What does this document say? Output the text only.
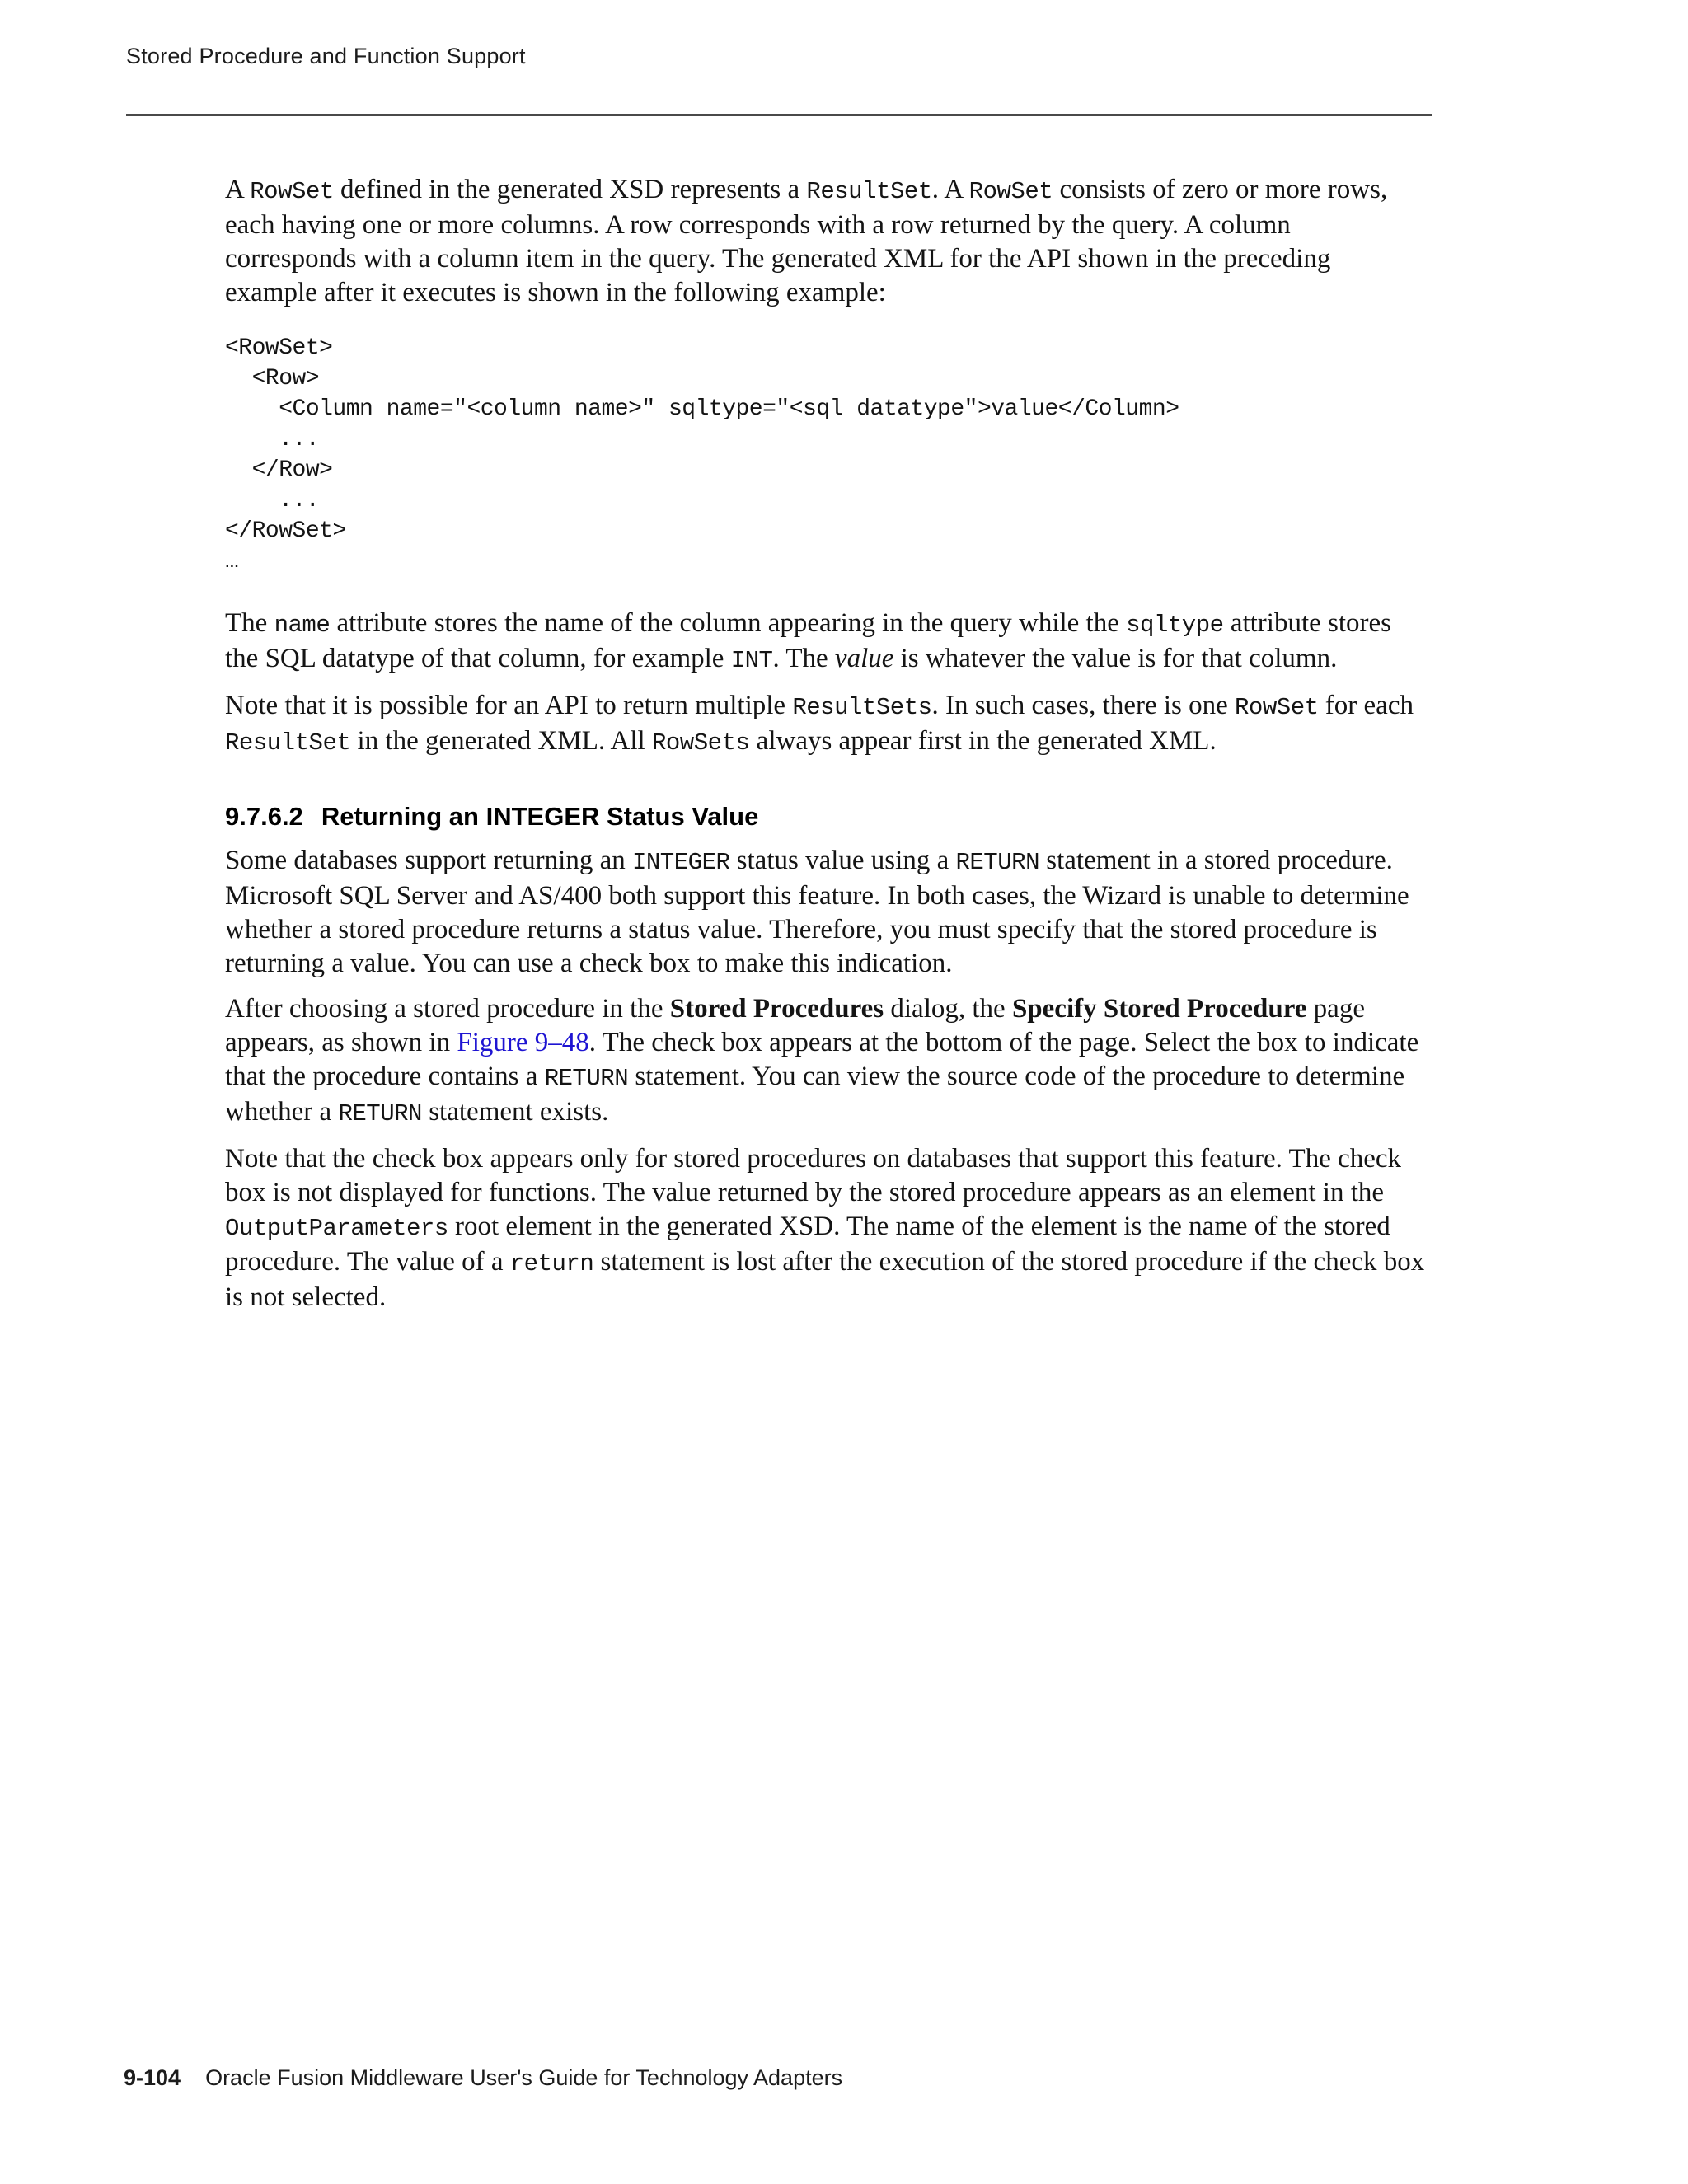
Stored Procedure and Function Support

A RowSet defined in the generated XSD represents a ResultSet. A RowSet consists of zero or more rows, each having one or more columns. A row corresponds with a row returned by the query. A column corresponds with a column item in the query. The generated XML for the API shown in the preceding example after it executes is shown in the following example:

<RowSet>
<Row>
<Column name="<column name>" sqltype="<sql datatype">value</Column>
...
</Row>
...
</RowSet>
…

The name attribute stores the name of the column appearing in the query while the sqltype attribute stores the SQL datatype of that column, for example INT. The value is whatever the value is for that column.

Note that it is possible for an API to return multiple ResultSets. In such cases, there is one RowSet for each ResultSet in the generated XML. All RowSets always appear first in the generated XML.

9.7.6.2 Returning an INTEGER Status Value

Some databases support returning an INTEGER status value using a RETURN statement in a stored procedure. Microsoft SQL Server and AS/400 both support this feature. In both cases, the Wizard is unable to determine whether a stored procedure returns a status value. Therefore, you must specify that the stored procedure is returning a value. You can use a check box to make this indication.

After choosing a stored procedure in the Stored Procedures dialog, the Specify Stored Procedure page appears, as shown in Figure 9–48. The check box appears at the bottom of the page. Select the box to indicate that the procedure contains a RETURN statement. You can view the source code of the procedure to determine whether a RETURN statement exists.

Note that the check box appears only for stored procedures on databases that support this feature. The check box is not displayed for functions. The value returned by the stored procedure appears as an element in the OutputParameters root element in the generated XSD. The name of the element is the name of the stored procedure. The value of a return statement is lost after the execution of the stored procedure if the check box is not selected.

9-104 Oracle Fusion Middleware User's Guide for Technology Adapters
